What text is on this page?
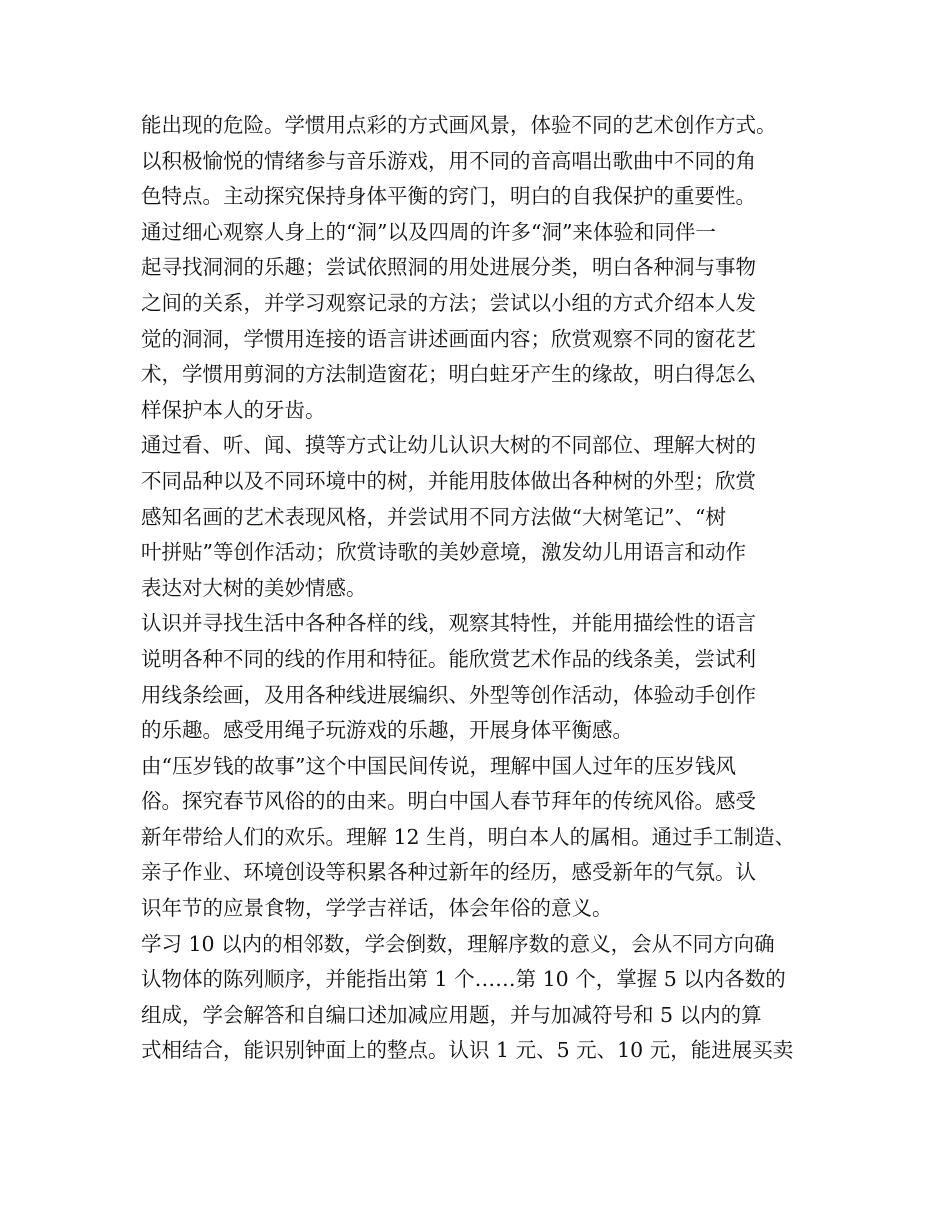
能出现的危险。学惯用点彩的方式画风景，体验不同的艺术创作方式。
以积极愉悦的情绪参与音乐游戏，用不同的音高唱出歌曲中不同的角
色特点。主动探究保持身体平衡的窍门，明白的自我保护的重要性。
通过细心观察人身上的“洞”以及四周的许多“洞”来体验和同伴一
起寻找洞洞的乐趣；尝试依照洞的用处进展分类，明白各种洞与事物
之间的关系，并学习观察记录的方法；尝试以小组的方式介绍本人发
觉的洞洞，学惯用连接的语言讲述画面内容；欣赏观察不同的窗花艺
术，学惯用剪洞的方法制造窗花；明白蛀牙产生的缘故，明白得怎么
样保护本人的牙齿。
通过看、听、闻、摸等方式让幼儿认识大树的不同部位、理解大树的
不同品种以及不同环境中的树，并能用肢体做出各种树的外型；欣赏
感知名画的艺术表现风格，并尝试用不同方法做“大树笔记”、“树
叶拼贴”等创作活动；欣赏诗歌的美妙意境，激发幼儿用语言和动作
表达对大树的美妙情感。
认识并寻找生活中各种各样的线，观察其特性，并能用描绘性的语言
说明各种不同的线的作用和特征。能欣赏艺术作品的线条美，尝试利
用线条绘画，及用各种线进展编织、外型等创作活动，体验动手创作
的乐趣。感受用绳子玩游戏的乐趣，开展身体平衡感。
由“压岁钱的故事”这个中国民间传说，理解中国人过年的压岁钱风
俗。探究春节风俗的的由来。明白中国人春节拜年的传统风俗。感受
新年带给人们的欢乐。理解 12 生肖，明白本人的属相。通过手工制造、
亲子作业、环境创设等积累各种过新年的经历，感受新年的气氛。认
识年节的应景食物，学学吉祥话，体会年俗的意义。
学习 10 以内的相邻数，学会倒数，理解序数的意义，会从不同方向确
认物体的陈列顺序，并能指出第 1 个……第 10 个，掌握 5 以内各数的
组成，学会解答和自编口述加减应用题，并与加减符号和 5 以内的算
式相结合，能识别钟面上的整点。认识 1 元、5 元、10 元，能进展买卖
